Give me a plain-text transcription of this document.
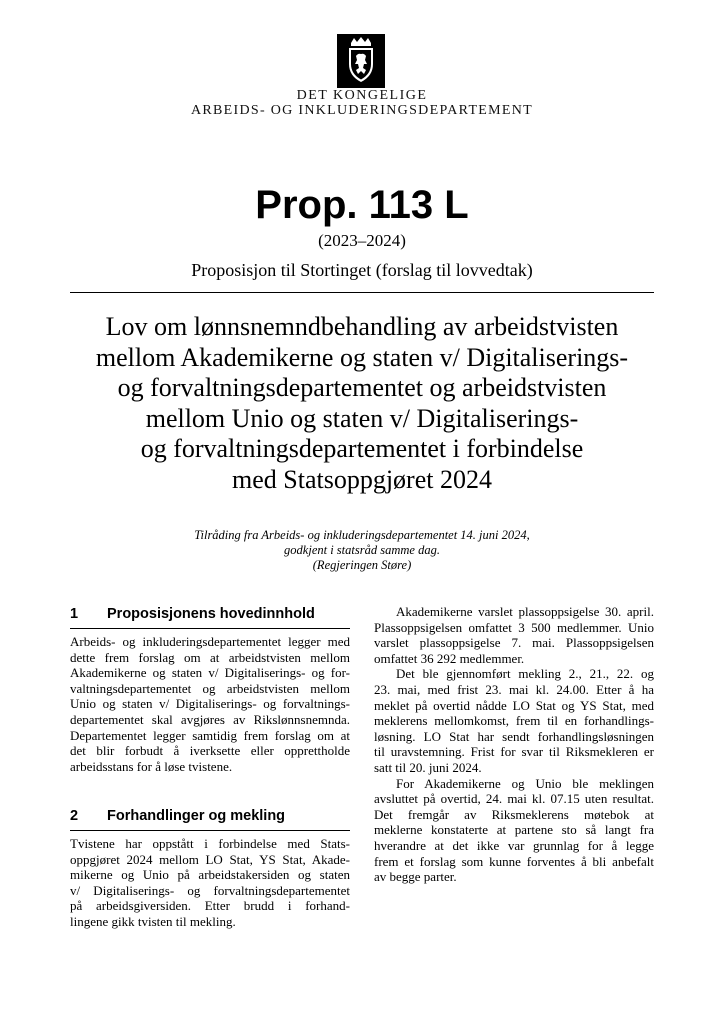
DET KONGELIGE
ARBEIDS- OG INKLUDERINGSDEPARTEMENT
Prop. 113 L
(2023–2024)
Proposisjon til Stortinget (forslag til lovvedtak)
Lov om lønnsnemndbehandling av arbeidstvisten
mellom Akademikerne og staten v/ Digitaliserings-
og forvaltningsdepartementet og arbeidstvisten
mellom Unio og staten v/ Digitaliserings-
og forvaltningsdepartementet i forbindelse
med Statsoppgjøret 2024
Tilråding fra Arbeids- og inkluderingsdepartementet 14. juni 2024,
godkjent i statsråd samme dag.
(Regjeringen Støre)
1 Proposisjonens hovedinnhold
Arbeids- og inkluderingsdepartementet legger med
dette frem forslag om at arbeidstvisten mellom
Akademikerne og staten v/ Digitaliserings- og for-
valtningsdepartementet og arbeidstvisten mellom
Unio og staten v/ Digitaliserings- og forvaltnings-
departementet skal avgjøres av Rikslønnsnemnda.
Departementet legger samtidig frem forslag om at
det blir forbudt å iverksette eller opprettholde
arbeidsstans for å løse tvistene.
2 Forhandlinger og mekling
Tvistene har oppstått i forbindelse med Stats-
oppgjøret 2024 mellom LO Stat, YS Stat, Akade-
mikerne og Unio på arbeidstakersiden og staten
v/ Digitaliserings- og forvaltningsdepartementet
på arbeidsgiversiden. Etter brudd i forhand-
lingene gikk tvisten til mekling.
Akademikerne varslet plassoppsigelse 30. april.
Plassoppsigelsen omfattet 3 500 medlemmer. Unio
varslet plassoppsigelse 7. mai. Plassoppsigelsen
omfattet 36 292 medlemmer.
Det ble gjennomført mekling 2., 21., 22. og
23. mai, med frist 23. mai kl. 24.00. Etter å ha
meklet på overtid nådde LO Stat og YS Stat, med
meklerens mellomkomst, frem til en forhandlings-
løsning. LO Stat har sendt forhandlingsløsningen
til uravstemning. Frist for svar til Riksmekleren er
satt til 20. juni 2024.
For Akademikerne og Unio ble meklingen
avsluttet på overtid, 24. mai kl. 07.15 uten resultat.
Det fremgår av Riksmeklerens møtebok at
meklerne konstaterte at partene sto så langt fra
hverandre at det ikke var grunnlag for å legge
frem et forslag som kunne forventes å bli anbefalt
av begge parter.
